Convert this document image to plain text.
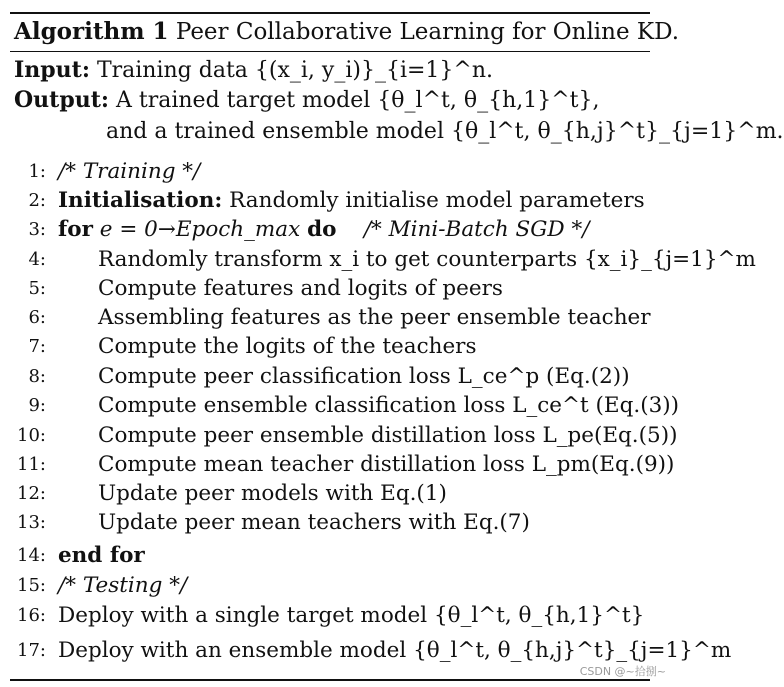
Algorithm 1 Peer Collaborative Learning for Online KD.
Input: Training data {(x_i, y_i)}_{i=1}^n.
Output: A trained target model {θ_l^t, θ_{h,1}^t},
and a trained ensemble model {θ_l^t, θ_{h,j}^t}_{j=1}^m.
1: /* Training */
2: Initialisation: Randomly initialise model parameters
3: for e = 0→Epoch_max do /* Mini-Batch SGD */
4: Randomly transform x_i to get counterparts {x_i}_{j=1}^m
5: Compute features and logits of peers
6: Assembling features as the peer ensemble teacher
7: Compute the logits of the teachers
8: Compute peer classification loss L_ce^p (Eq.(2))
9: Compute ensemble classification loss L_ce^t (Eq.(3))
10: Compute peer ensemble distillation loss L_pe(Eq.(5))
11: Compute mean teacher distillation loss L_pm(Eq.(9))
12: Update peer models with Eq.(1)
13: Update peer mean teachers with Eq.(7)
14: end for
15: /* Testing */
16: Deploy with a single target model {θ_l^t, θ_{h,1}^t}
17: Deploy with an ensemble model {θ_l^t, θ_{h,j}^t}_{j=1}^m
CSDN @~拾捌~
